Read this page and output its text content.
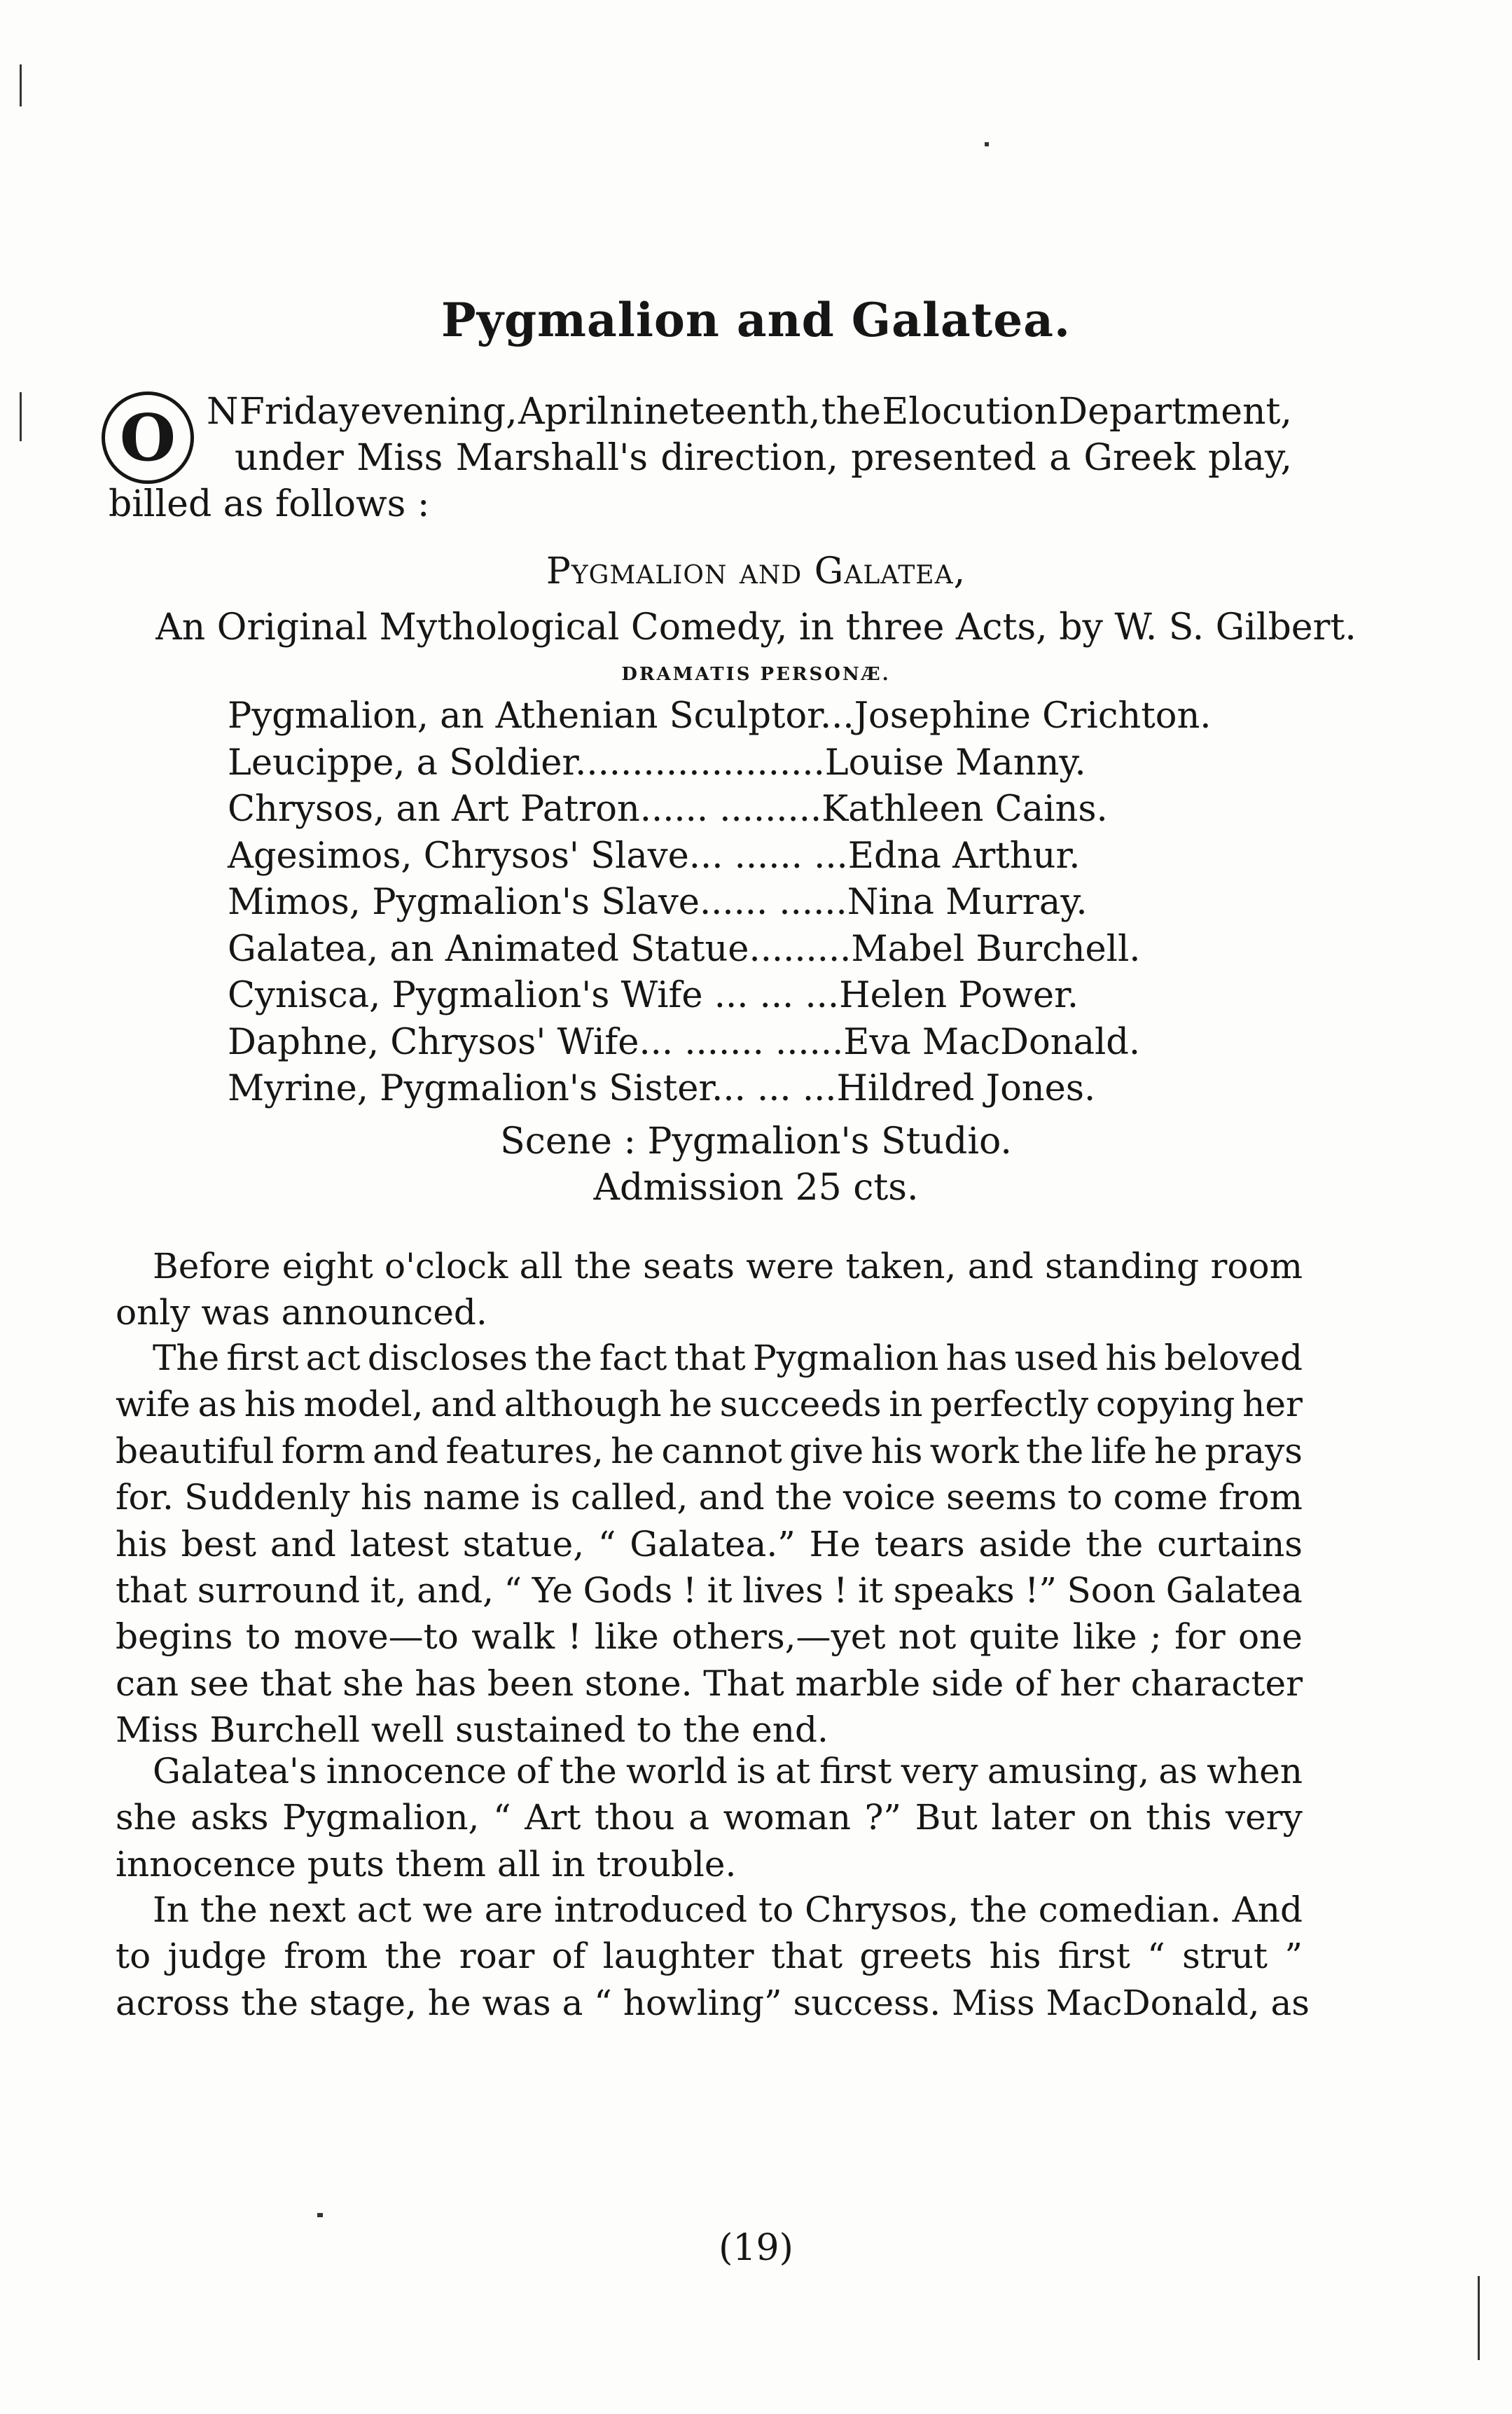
Pygmalion and Galatea.
O N Friday evening, April nineteenth, the Elocution Department,
under Miss Marshall's direction, presented a Greek play,
billed as follows :

Pygmalion and Galatea,

An Original Mythological Comedy, in three Acts, by W. S. Gilbert.

DRAMATIS PERSONÆ.

Pygmalion, an Athenian Sculptor...Josephine Crichton.
Leucippe, a Soldier......................Louise Manny.
Chrysos, an Art Patron...... .........Kathleen Cains.
Agesimos, Chrysos' Slave... ...... ...Edna Arthur.
Mimos, Pygmalion's Slave...... ......Nina Murray.
Galatea, an Animated Statue.........Mabel Burchell.
Cynisca, Pygmalion's Wife ... ... ...Helen Power.
Daphne, Chrysos' Wife... ....... ......Eva MacDonald.
Myrine, Pygmalion's Sister... ... ...Hildred Jones.

Scene : Pygmalion's Studio.

Admission 25 cts.

Before eight o'clock all the seats were taken, and standing room
only was announced.
The first act discloses the fact that Pygmalion has used his beloved
wife as his model, and although he succeeds in perfectly copying her
beautiful form and features, he cannot give his work the life he prays
for. Suddenly his name is called, and the voice seems to come from
his best and latest statue, “ Galatea.” He tears aside the curtains
that surround it, and, “ Ye Gods ! it lives ! it speaks !” Soon Galatea
begins to move—to walk ! like others,—yet not quite like ; for one
can see that she has been stone. That marble side of her character
Miss Burchell well sustained to the end.
Galatea's innocence of the world is at first very amusing, as when
she asks Pygmalion, “ Art thou a woman ?” But later on this very
innocence puts them all in trouble.
In the next act we are introduced to Chrysos, the comedian. And
to judge from the roar of laughter that greets his first “ strut ”
across the stage, he was a “ howling” success. Miss MacDonald, as
(19)
